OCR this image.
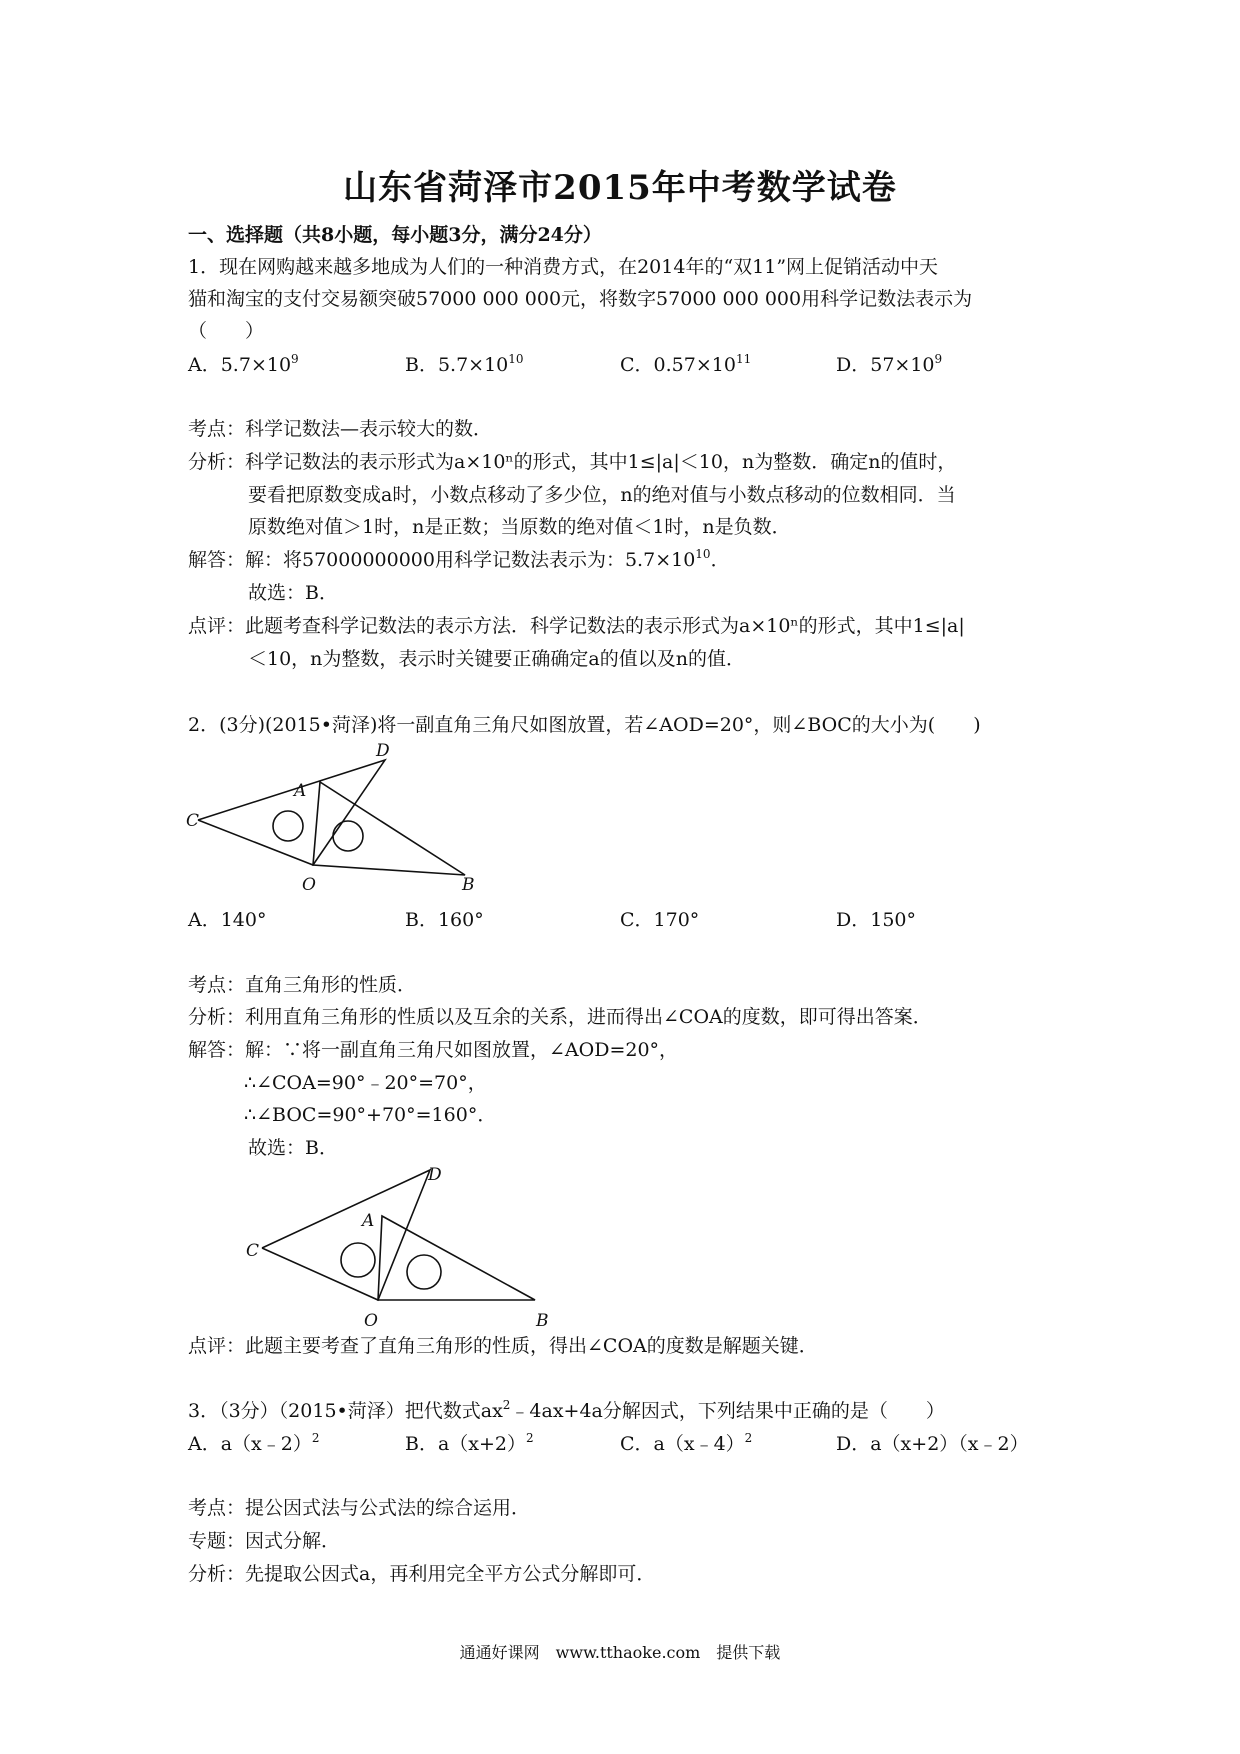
山东省菏泽市2015年中考数学试卷
一、选择题（共8小题，每小题3分，满分24分）
1．现在网购越来越多地成为人们的一种消费方式，在2014年的“双11”网上促销活动中天
猫和淘宝的支付交易额突破57000 000 000元，将数字57000 000 000用科学记数法表示为
（　　）
A．$5.7\times 10^9$	B．$5.7\times 10^{10}$	C．$0.57\times 10^{11}$	D．$57\times 10^9$
考点：科学记数法—表示较大的数．
分析：科学记数法的表示形式为a×10ⁿ的形式，其中1≤|a|＜10，n为整数．确定n的值时，
要看把原数变成a时，小数点移动了多少位，n的绝对值与小数点移动的位数相同．当
原数绝对值＞1时，n是正数；当原数的绝对值＜1时，n是负数．
解答：解：将57000000000用科学记数法表示为：$5.7\times 10^{10}$．
故选：B．
点评：此题考查科学记数法的表示方法．科学记数法的表示形式为a×10ⁿ的形式，其中1≤|a|
＜10，n为整数，表示时关键要正确确定a的值以及n的值．
2．(3分)(2015•菏泽)将一副直角三角尺如图放置，若∠AOD=20°，则∠BOC的大小为(　　)
D
A
C
O	B
A．140°	B．160°	C．170°	D．150°
考点：直角三角形的性质．
分析：利用直角三角形的性质以及互余的关系，进而得出∠COA的度数，即可得出答案．
解答：解：∵将一副直角三角尺如图放置，∠AOD=20°，
∴∠COA=90°﹣20°=70°，
∴∠BOC=90°+70°=160°．
故选：B．
D
A
C
O	B
点评：此题主要考查了直角三角形的性质，得出∠COA的度数是解题关键．
3．（3分）（2015•菏泽）把代数式$ax^2﹣4ax+4a$分解因式，下列结果中正确的是（　　）
A．a（x﹣2）$^2$	B．$a(x+2)^2$	C．a（x﹣4）$^2$	D．a（x+2）（x﹣2）
考点：提公因式法与公式法的综合运用．
专题：因式分解．
分析：先提取公因式a，再利用完全平方公式分解即可．
通通好课网　www.tthaoke.com　提供下载
